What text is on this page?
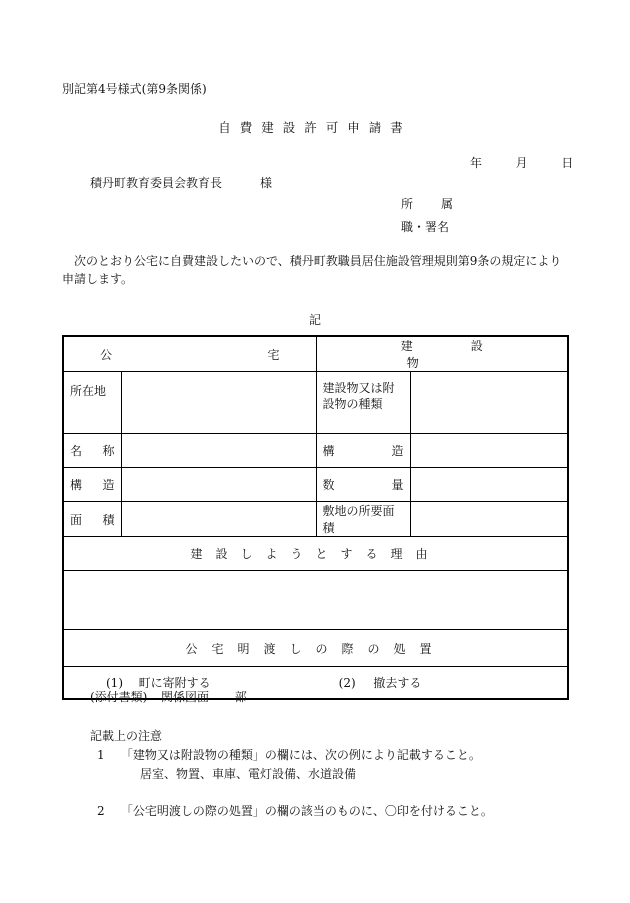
別記第4号様式(第9条関係)
自費建設許可申請書
年	月	日
積丹町教育委員会教育長	様
所 属
職・署名
次のとおり公宅に自費建設したいので、積丹町教職員居住施設管理規則第9条の規定により申請します。
記
公 宅		建設物	
所在地		建設物又は附設物の種類	

名 称		構 造	

構 造		数 量	

面 積		敷地の所要面積	
建設しようとする理由			

公宅明渡しの際の処置			

(1) 町に寄附する (2) 撤去する			
(添付書類) 関係図面 部
記載上の注意
1 「建物又は附設物の種類」の欄には、次の例により記載すること。
居室、物置、車庫、電灯設備、水道設備
2 「公宅明渡しの際の処置」の欄の該当のものに、〇印を付けること。
